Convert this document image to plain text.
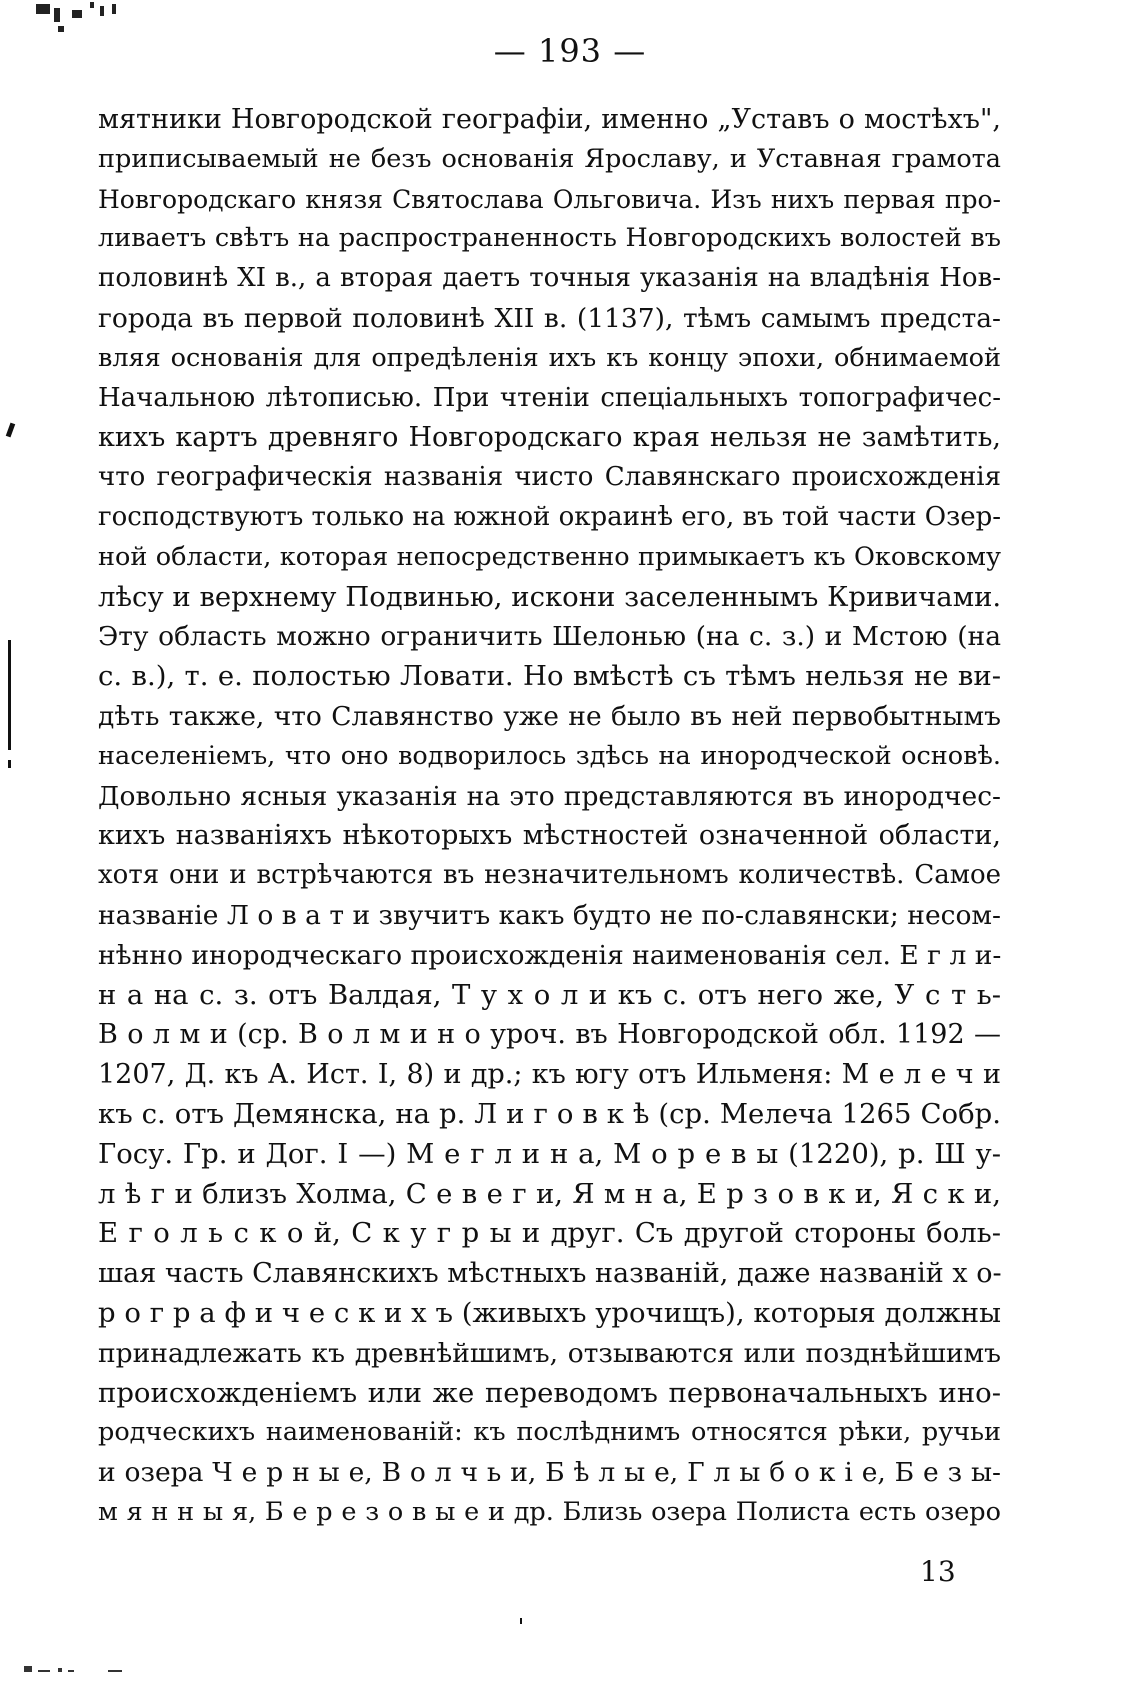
— 193 —
мятники Новгородской географіи, именно „Уставъ о мостѣхъ",
приписываемый не безъ основанія Ярославу, и Уставная грамота
Новгородскаго князя Святослава Ольговича. Изъ нихъ первая про-
ливаетъ свѣтъ на распространенность Новгородскихъ волостей въ
половинѣ XI в., а вторая даетъ точныя указанія на владѣнія Нов-
города въ первой половинѣ XII в. (1137), тѣмъ самымъ предста-
вляя основанія для опредѣленія ихъ къ концу эпохи, обнимаемой
Начальною лѣтописью. При чтеніи спеціальныхъ топографичес-
кихъ картъ древняго Новгородскаго края нельзя не замѣтить,
что географическія названія чисто Славянскаго происхожденія
господствуютъ только на южной окраинѣ его, въ той части Озер-
ной области, которая непосредственно примыкаетъ къ Оковскому
лѣсу и верхнему Подвинью, искони заселеннымъ Кривичами.
Эту область можно ограничить Шелонью (на с. з.) и Мстою (на
с. в.), т. е. полостью Ловати. Но вмѣстѣ съ тѣмъ нельзя не ви-
дѣть также, что Славянство уже не было въ ней первобытнымъ
населеніемъ, что оно водворилось здѣсь на инородческой основѣ.
Довольно ясныя указанія на это представляются въ инородчес-
кихъ названіяхъ нѣкоторыхъ мѣстностей означенной области,
хотя они и встрѣчаются въ незначительномъ количествѣ. Самое
названіе Л о в а т и звучитъ какъ будто не по-славянски; несом-
нѣнно инородческаго происхожденія наименованія сел. Е г л и-
н а на с. з. отъ Валдая, Т у х о л и къ с. отъ него же, У с т ь-
В о л м и (ср. В о л м и н о уроч. въ Новгородской обл. 1192 —
1207, Д. къ А. Ист. I, 8) и др.; къ югу отъ Ильменя: М е л е ч и
къ с. отъ Демянска, на р. Л и г о в к ѣ (ср. Мелеча 1265 Собр.
Госу. Гр. и Дог. I —) М е г л и н а, М о р е в ы (1220), р. Ш у-
л ѣ г и близъ Холма, С е в е г и, Я м н а, Е р з о в к и, Я с к и,
Е г о л ь с к о й, С к у г р ы и друг. Съ другой стороны боль-
шая часть Славянскихъ мѣстныхъ названій, даже названій х о-
р о г р а ф и ч е с к и х ъ (живыхъ урочищъ), которыя должны
принадлежать къ древнѣйшимъ, отзываются или позднѣйшимъ
происхожденіемъ или же переводомъ первоначальныхъ ино-
родческихъ наименованій: къ послѣднимъ относятся рѣки, ручьи
и озера Ч е р н ы е, В о л ч ь и, Б ѣ л ы е, Г л ы б о к і е, Б е з ы-
м я н н ы я, Б е р е з о в ы е и др. Близь озера Полиста есть озеро
13
